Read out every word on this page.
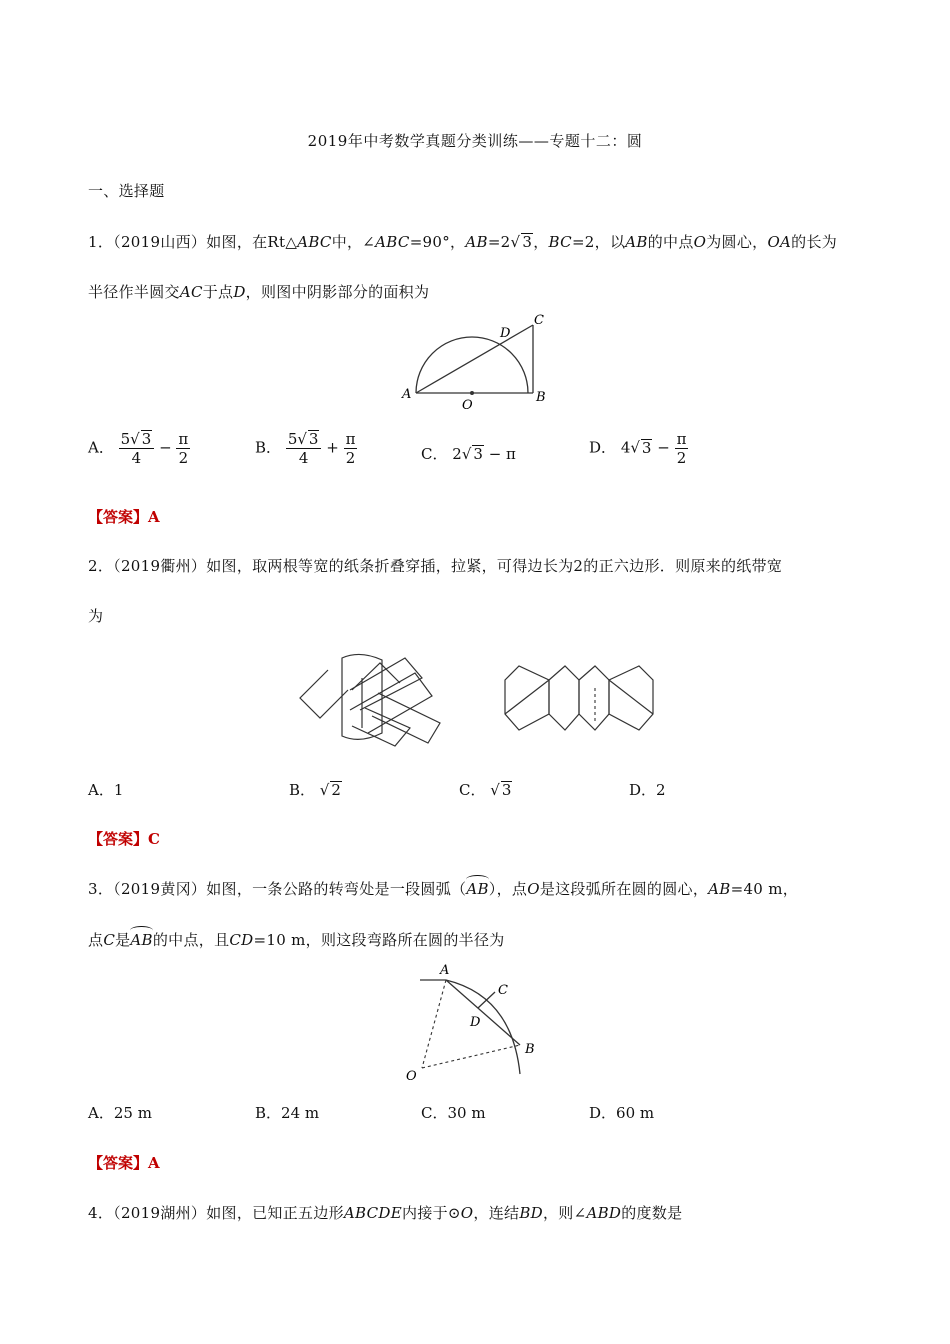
2019年中考数学真题分类训练——专题十二：圆
一、选择题
1．（2019山西）如图，在Rt△ABC中，∠ABC=90°，AB=2√ 3，BC=2，以AB的中点O为圆心，OA的长为
半径作半圆交AC于点D，则图中阴影部分的面积为
A
O
B
C
D
A． $\frac{5√ 3}{4} - \frac{\pi}{2}$	B． $\frac{5√ 3}{4} + \frac{\pi}{2}$	C． 2√ 3 − π	D． 4√ $3 - \frac{\pi}{2}$
【答案】A
2．（2019衢州）如图，取两根等宽的纸条折叠穿插，拉紧，可得边长为2的正六边形．则原来的纸带宽
为
A．1	B． √ 2	C． √ 3	D．2
【答案】C
3．（2019黄冈）如图，一条公路的转弯处是一段圆弧（AB），点O是这段弧所在圆的圆心，AB=40 m，
点C是AB的中点，且CD=10 m，则这段弯路所在圆的半径为
A
C
D
B
O
A．25 m	B．24 m	C．30 m	D．60 m
【答案】A
4．（2019湖州）如图，已知正五边形ABCDE内接于⊙O，连结BD，则∠ABD的度数是
